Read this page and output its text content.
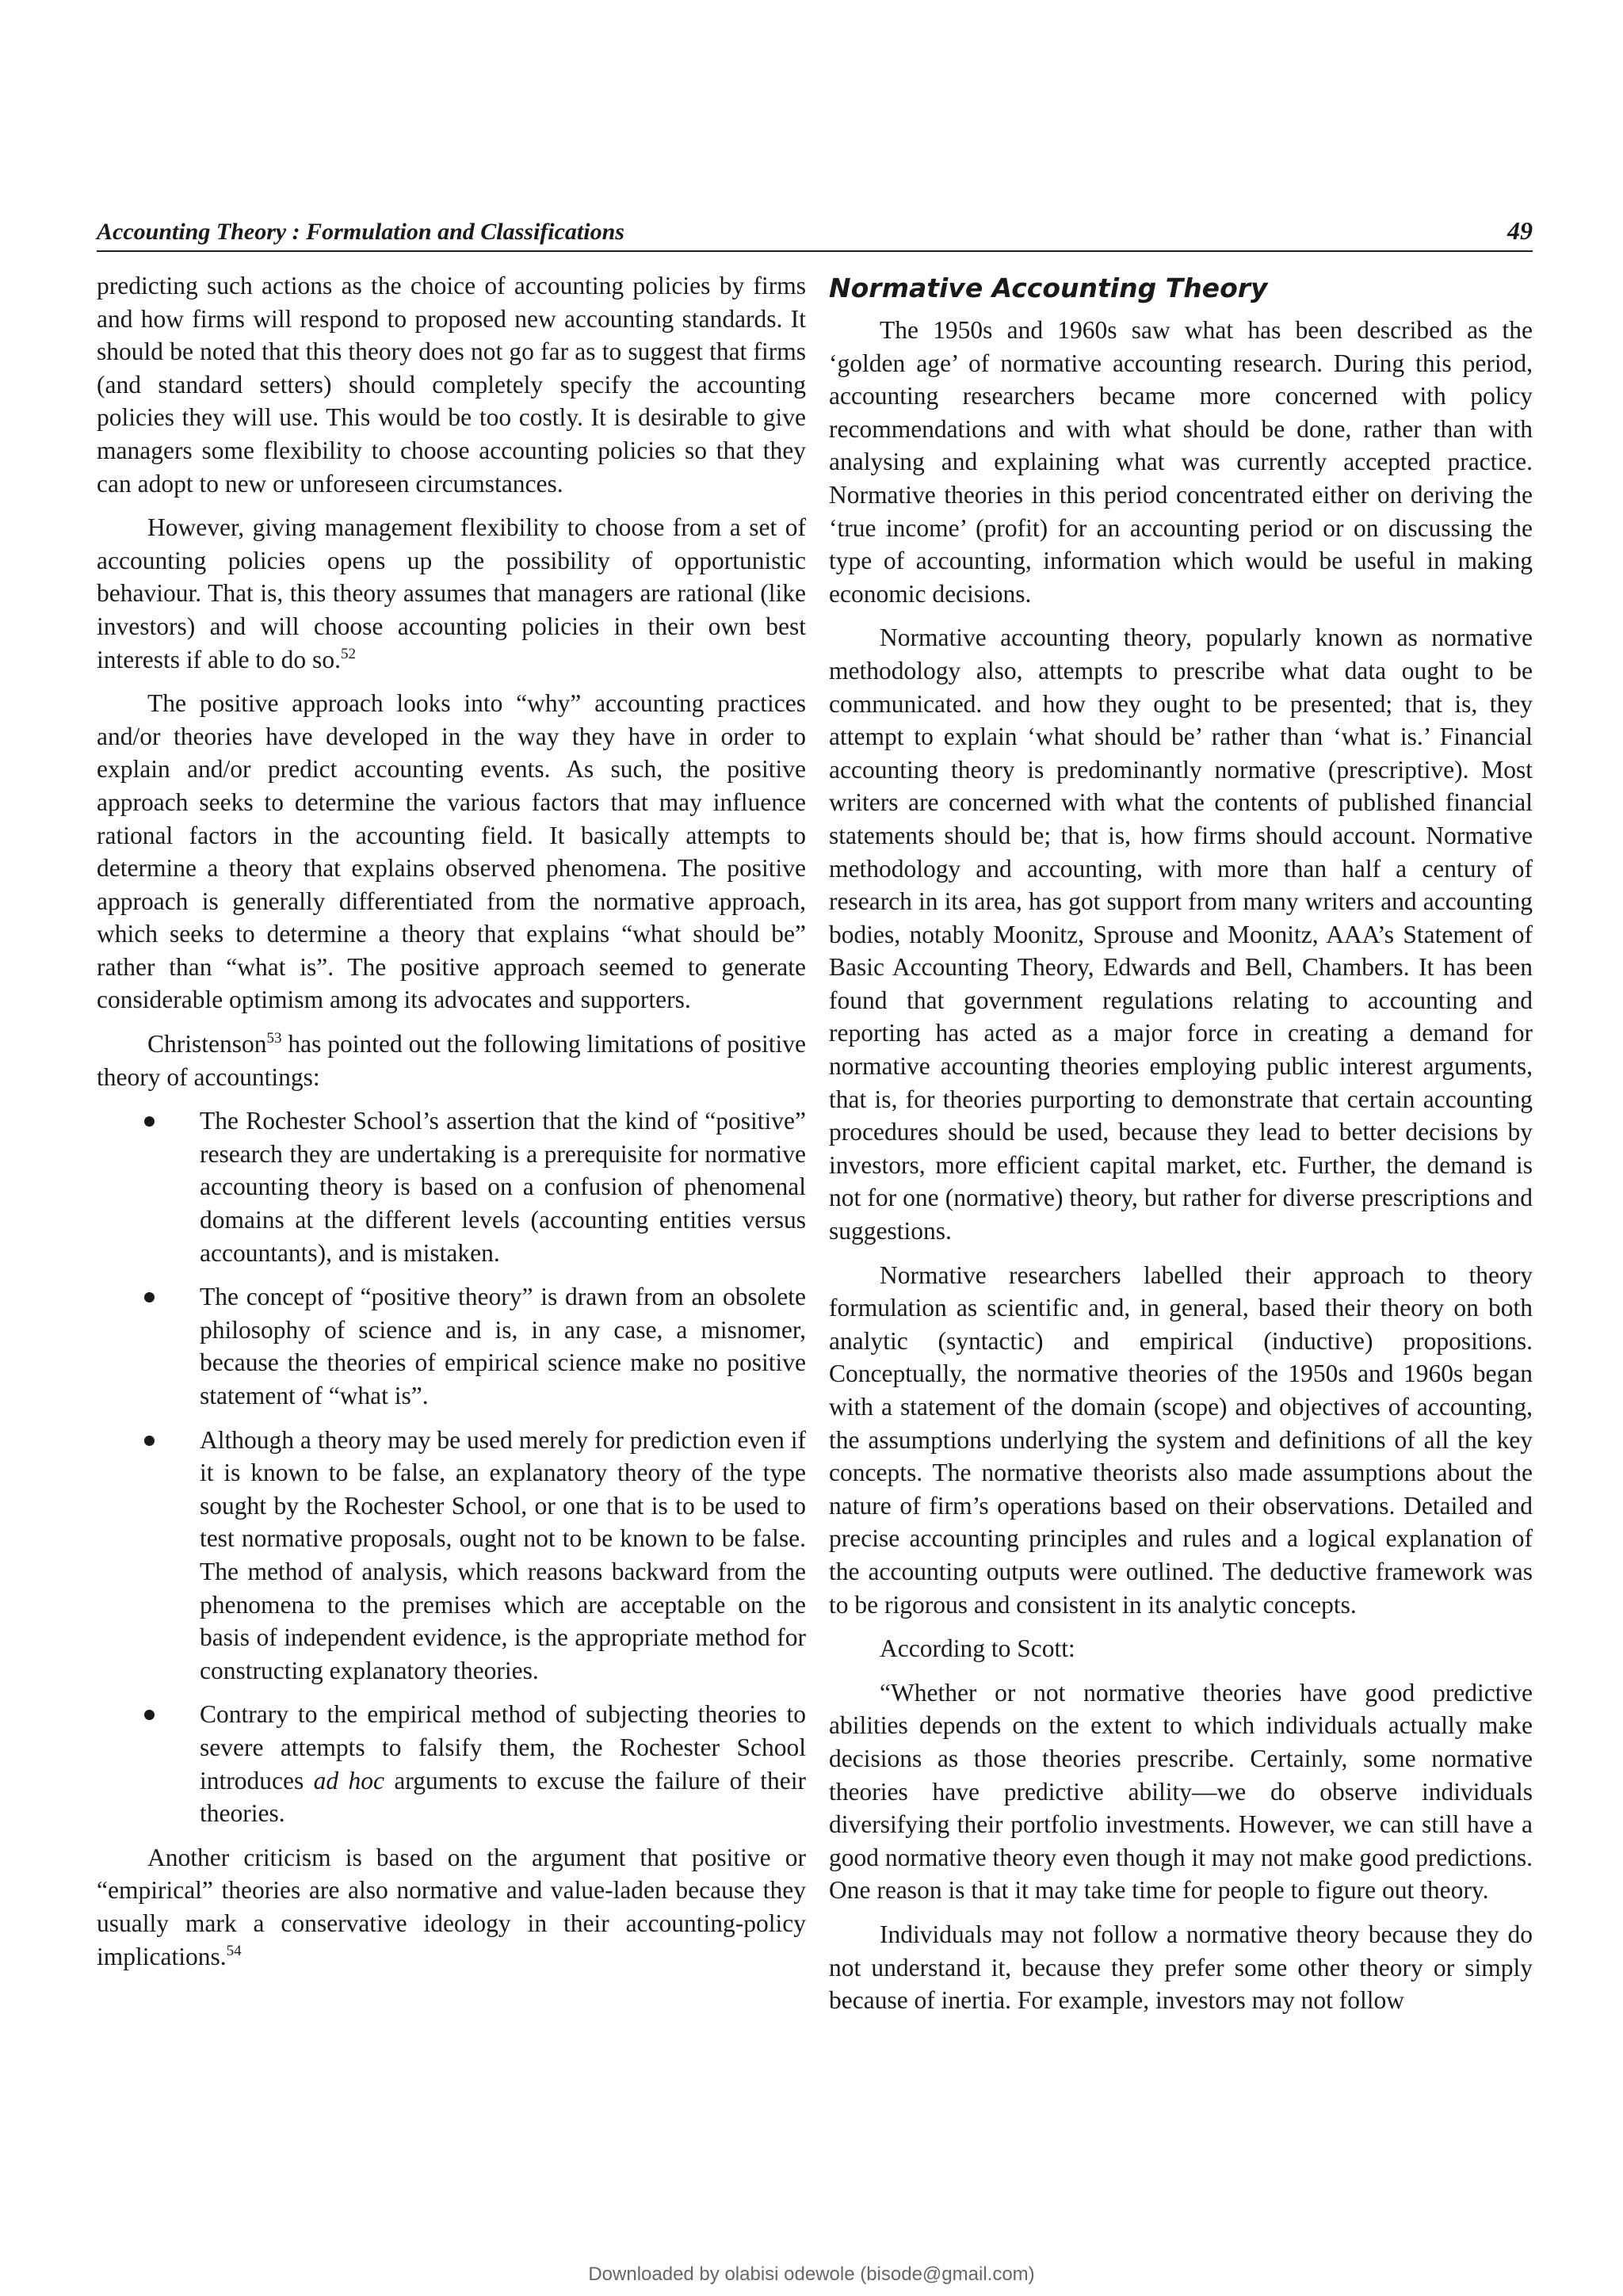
Accounting Theory : Formulation and Classifications	49

predicting such actions as the choice of accounting policies by firms and how firms will respond to proposed new accounting standards. It should be noted that this theory does not go far as to suggest that firms (and standard setters) should completely specify the accounting policies they will use. This would be too costly. It is desirable to give managers some flexibility to choose accounting policies so that they can adopt to new or unforeseen circumstances.

However, giving management flexibility to choose from a set of accounting policies opens up the possibility of opportunistic behaviour. That is, this theory assumes that managers are rational (like investors) and will choose accounting policies in their own best interests if able to do so.$^{52}$

The positive approach looks into “why” accounting practices and/or theories have developed in the way they have in order to explain and/or predict accounting events. As such, the positive approach seeks to determine the various factors that may influence rational factors in the accounting field. It basically attempts to determine a theory that explains observed phenomena. The positive approach is generally differentiated from the normative approach, which seeks to determine a theory that explains “what should be” rather than “what is”. The positive approach seemed to generate considerable optimism among its advocates and supporters.

Christenson$^{53}$ has pointed out the following limitations of positive theory of accountings:

The Rochester School’s assertion that the kind of “positive” research they are undertaking is a prerequisite for normative accounting theory is based on a confusion of phenomenal domains at the different levels (accounting entities versus accountants), and is mistaken.
The concept of “positive theory” is drawn from an obsolete philosophy of science and is, in any case, a misnomer, because the theories of empirical science make no positive statement of “what is”.
Although a theory may be used merely for prediction even if it is known to be false, an explanatory theory of the type sought by the Rochester School, or one that is to be used to test normative proposals, ought not to be known to be false. The method of analysis, which reasons backward from the phenomena to the premises which are acceptable on the basis of independent evidence, is the appropriate method for constructing explanatory theories.
Contrary to the empirical method of subjecting theories to severe attempts to falsify them, the Rochester School introduces ad hoc arguments to excuse the failure of their theories.

Another criticism is based on the argument that positive or “empirical” theories are also normative and value-laden because they usually mark a conservative ideology in their accounting-policy implications.$^{54}$

Normative Accounting Theory

The 1950s and 1960s saw what has been described as the ‘golden age’ of normative accounting research. During this period, accounting researchers became more concerned with policy recommendations and with what should be done, rather than with analysing and explaining what was currently accepted practice. Normative theories in this period concentrated either on deriving the ‘true income’ (profit) for an accounting period or on discussing the type of accounting, information which would be useful in making economic decisions.

Normative accounting theory, popularly known as normative methodology also, attempts to prescribe what data ought to be communicated. and how they ought to be presented; that is, they attempt to explain ‘what should be’ rather than ‘what is.’ Financial accounting theory is predominantly normative (prescriptive). Most writers are concerned with what the contents of published financial statements should be; that is, how firms should account. Normative methodology and accounting, with more than half a century of research in its area, has got support from many writers and accounting bodies, notably Moonitz, Sprouse and Moonitz, AAA’s Statement of Basic Accounting Theory, Edwards and Bell, Chambers. It has been found that government regulations relating to accounting and reporting has acted as a major force in creating a demand for normative accounting theories employing public interest arguments, that is, for theories purporting to demonstrate that certain accounting procedures should be used, because they lead to better decisions by investors, more efficient capital market, etc. Further, the demand is not for one (normative) theory, but rather for diverse prescriptions and suggestions.

Normative researchers labelled their approach to theory formulation as scientific and, in general, based their theory on both analytic (syntactic) and empirical (inductive) propositions. Conceptually, the normative theories of the 1950s and 1960s began with a statement of the domain (scope) and objectives of accounting, the assumptions underlying the system and definitions of all the key concepts. The normative theorists also made assumptions about the nature of firm’s operations based on their observations. Detailed and precise accounting principles and rules and a logical explanation of the accounting outputs were outlined. The deductive framework was to be rigorous and consistent in its analytic concepts.

According to Scott:

“Whether or not normative theories have good predictive abilities depends on the extent to which individuals actually make decisions as those theories prescribe. Certainly, some normative theories have predictive ability—we do observe individuals diversifying their portfolio investments. However, we can still have a good normative theory even though it may not make good predictions. One reason is that it may take time for people to figure out theory.

Individuals may not follow a normative theory because they do not understand it, because they prefer some other theory or simply because of inertia. For example, investors may not follow

Downloaded by olabisi odewole (bisode@gmail.com)
